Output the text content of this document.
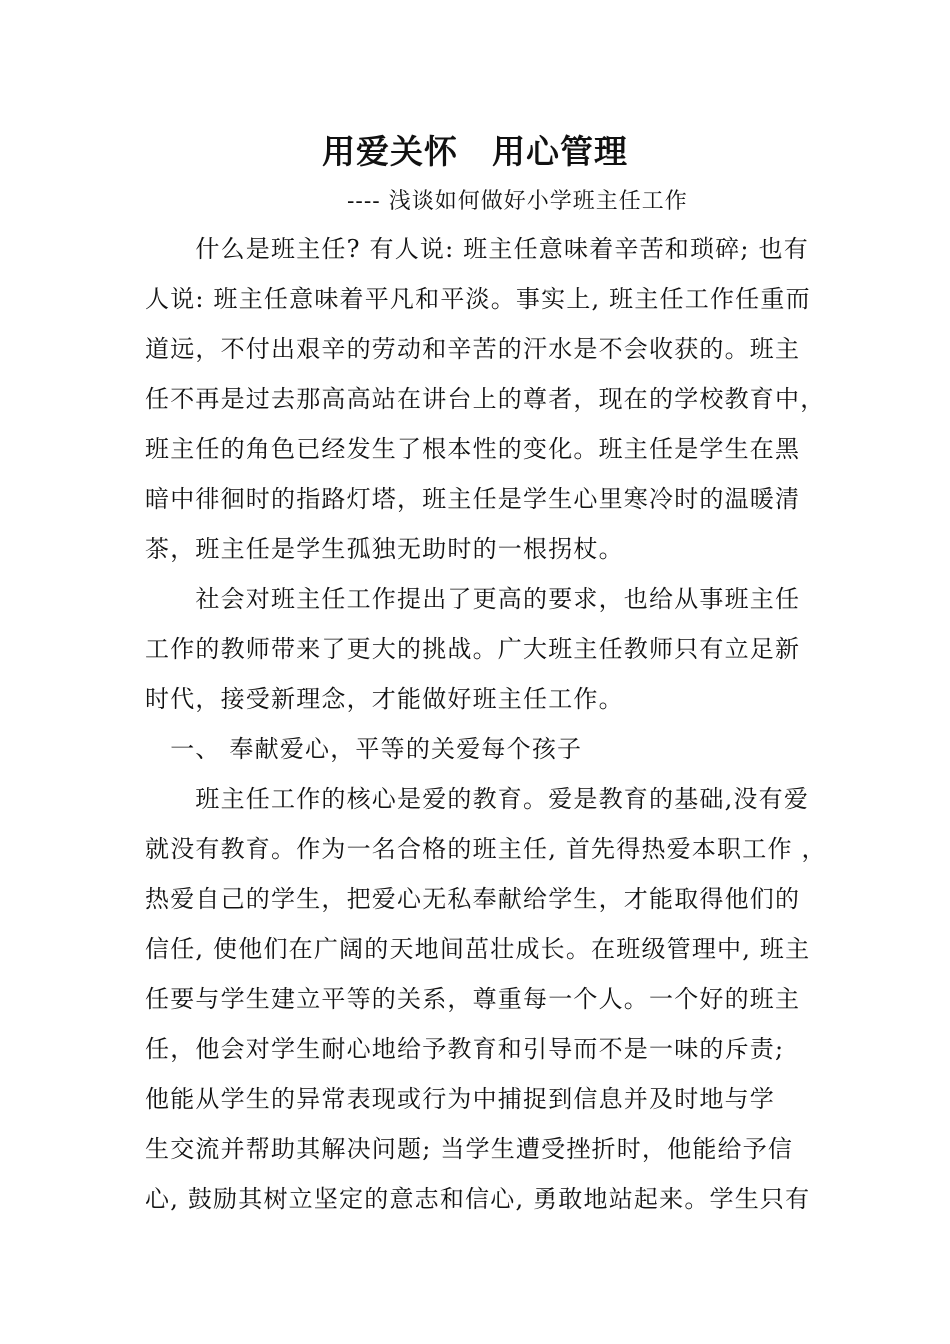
用爱关怀　用心管理
---- 浅谈如何做好小学班主任工作
　　什么是班主任? 有人说: 班主任意味着辛苦和琐碎; 也有
人说: 班主任意味着平凡和平淡。事实上, 班主任工作任重而
道远，不付出艰辛的劳动和辛苦的汗水是不会收获的。班主
任不再是过去那高高站在讲台上的尊者，现在的学校教育中，
班主任的角色已经发生了根本性的变化。班主任是学生在黑
暗中徘徊时的指路灯塔，班主任是学生心里寒冷时的温暖清
茶，班主任是学生孤独无助时的一根拐杖。
　　社会对班主任工作提出了更高的要求，也给从事班主任
工作的教师带来了更大的挑战。广大班主任教师只有立足新
时代，接受新理念，才能做好班主任工作。
　一、 奉献爱心，平等的关爱每个孩子
　　班主任工作的核心是爱的教育。爱是教育的基础,没有爱
就没有教育。作为一名合格的班主任, 首先得热爱本职工作 ，
热爱自己的学生，把爱心无私奉献给学生，才能取得他们的
信任, 使他们在广阔的天地间茁壮成长。在班级管理中, 班主
任要与学生建立平等的关系，尊重每一个人。一个好的班主
任，他会对学生耐心地给予教育和引导而不是一味的斥责;
他能从学生的异常表现或行为中捕捉到信息并及时地与学
生交流并帮助其解决问题; 当学生遭受挫折时，他能给予信
心, 鼓励其树立坚定的意志和信心, 勇敢地站起来。学生只有
